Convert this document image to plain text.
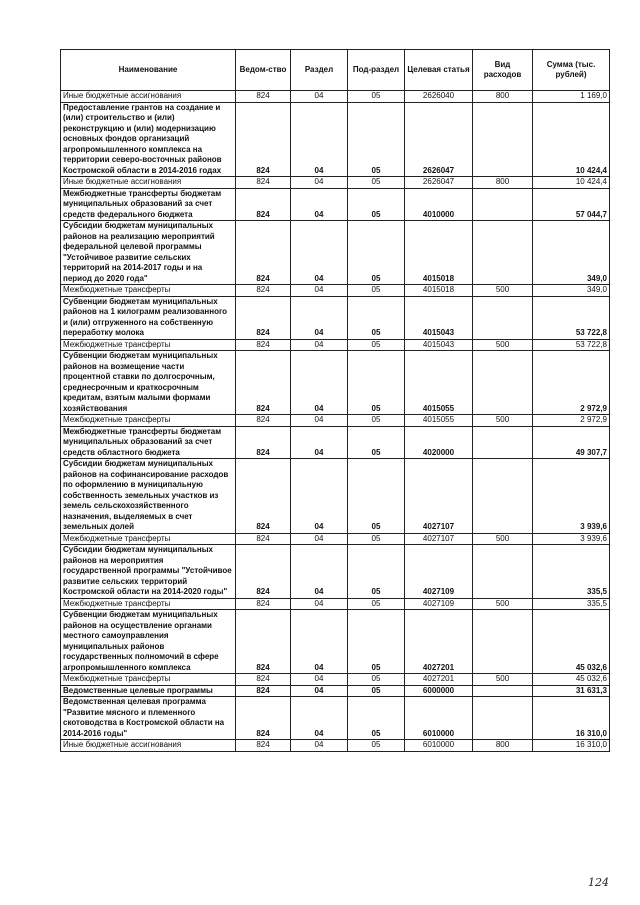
Наименование	Ведом-ство	Раздел	Под-раздел	Целевая статья	Вид расходов	Сумма (тыс. рублей)
Иные бюджетные ассигнования	824	04	05	2626040	800	1 169,0
Предоставление грантов на создание и (или) строительство и (или) реконструкцию и (или) модернизацию основных фондов организаций агропромышленного комплекса на территории северо-восточных районов Костромской области в 2014-2016 годах	824	04	05	2626047		10 424,4
Иные бюджетные ассигнования	824	04	05	2626047	800	10 424,4
Межбюджетные трансферты бюджетам муниципальных образований за счет средств федерального бюджета	824	04	05	4010000		57 044,7
Субсидии бюджетам муниципальных районов на реализацию мероприятий федеральной целевой программы "Устойчивое развитие сельских территорий на 2014-2017 годы и на период до 2020 года"	824	04	05	4015018		349,0
Межбюджетные трансферты	824	04	05	4015018	500	349,0
Субвенции бюджетам муниципальных районов на 1 килограмм реализованного и (или) отгруженного на собственную переработку молока	824	04	05	4015043		53 722,8
Межбюджетные трансферты	824	04	05	4015043	500	53 722,8
Субвенции бюджетам муниципальных районов на возмещение части процентной ставки по долгосрочным, среднесрочным и краткосрочным кредитам, взятым малыми формами хозяйствования	824	04	05	4015055		2 972,9
Межбюджетные трансферты	824	04	05	4015055	500	2 972,9
Межбюджетные трансферты бюджетам муниципальных образований за счет средств областного бюджета	824	04	05	4020000		49 307,7
Субсидии бюджетам муниципальных районов на софинансирование расходов по оформлению в муниципальную собственность земельных участков из земель сельскохозяйственного назначения, выделяемых в счет земельных долей	824	04	05	4027107		3 939,6
Межбюджетные трансферты	824	04	05	4027107	500	3 939,6
Субсидии бюджетам муниципальных районов на мероприятия государственной программы "Устойчивое развитие сельских территорий Костромской области на 2014-2020 годы"	824	04	05	4027109		335,5
Межбюджетные трансферты	824	04	05	4027109	500	335,5
Субвенции бюджетам муниципальных районов на осуществление органами местного самоуправления муниципальных районов государственных полномочий в сфере агропромышленного комплекса	824	04	05	4027201		45 032,6
Межбюджетные трансферты	824	04	05	4027201	500	45 032,6
Ведомственные целевые программы	824	04	05	6000000		31 631,3
Ведомственная целевая программа "Развитие мясного и племенного скотоводства в Костромской области на 2014-2016 годы"	824	04	05	6010000		16 310,0
Иные бюджетные ассигнования	824	04	05	6010000	800	16 310,0
124
